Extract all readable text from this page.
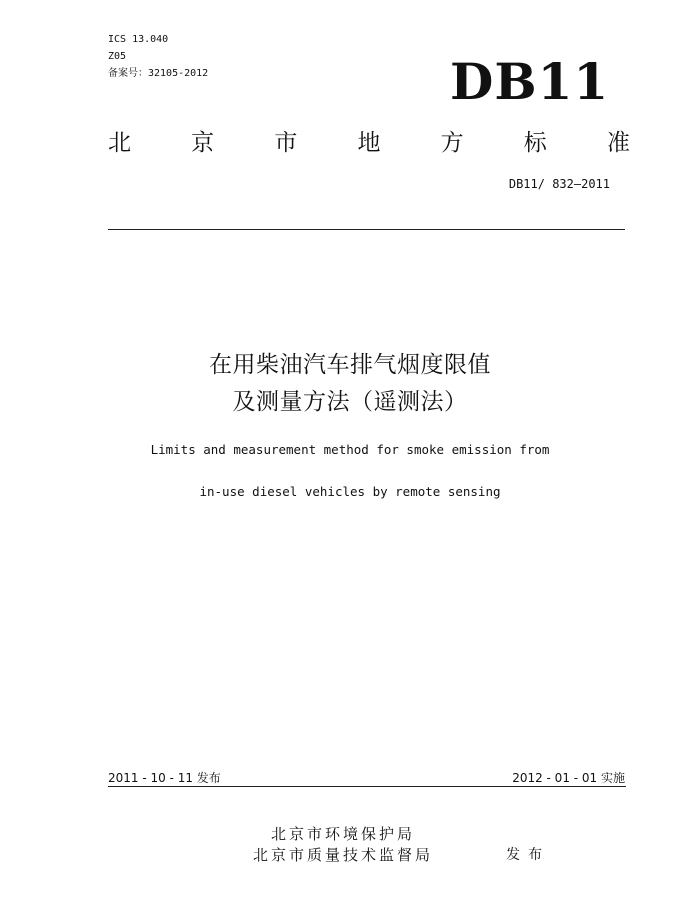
ICS 13.040
Z05
备案号：32105-2012	DB11
北	京	市	地	方	标	准
DB11/ 832—2011
在用柴油汽车排气烟度限值
及测量方法（遥测法）
Limits and measurement method for smoke emission from
in-use diesel vehicles by remote sensing
2011 - 10 - 11 发布	2012 - 01 - 01 实施
北京市环境保护局
北京市质量技术监督局	发布
